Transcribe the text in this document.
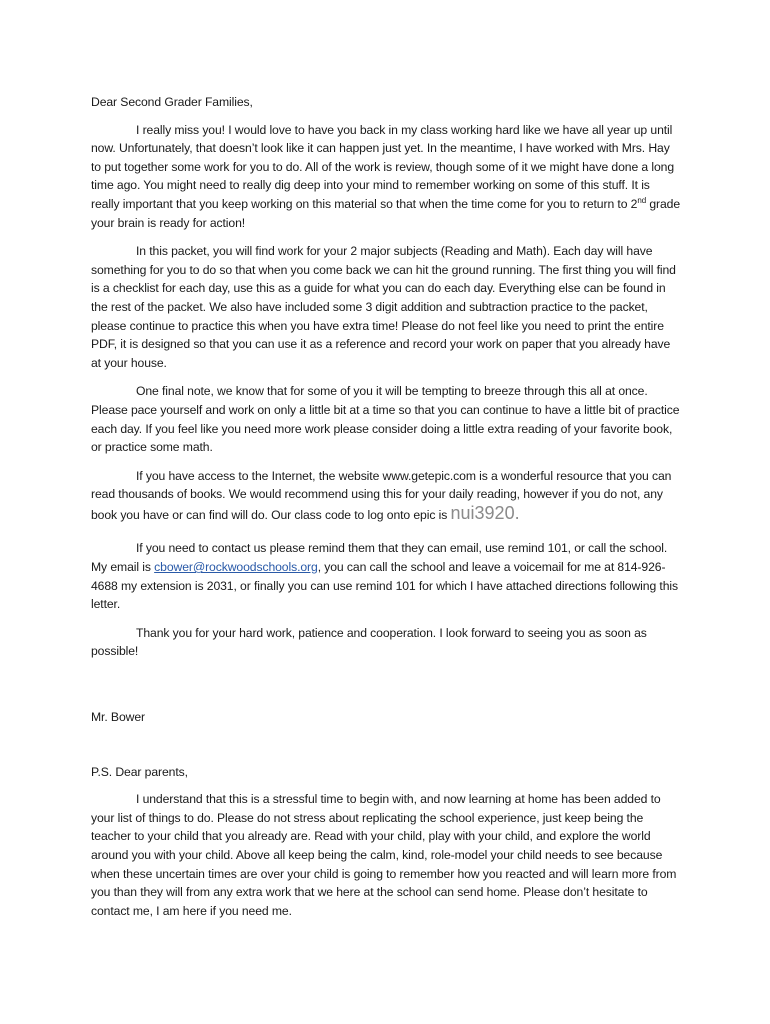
Dear Second Grader Families,

I really miss you! I would love to have you back in my class working hard like we have all year up until now. Unfortunately, that doesn’t look like it can happen just yet. In the meantime, I have worked with Mrs. Hay to put together some work for you to do. All of the work is review, though some of it we might have done a long time ago. You might need to really dig deep into your mind to remember working on some of this stuff. It is really important that you keep working on this material so that when the time come for you to return to 2nd grade your brain is ready for action!

In this packet, you will find work for your 2 major subjects (Reading and Math). Each day will have something for you to do so that when you come back we can hit the ground running. The first thing you will find is a checklist for each day, use this as a guide for what you can do each day. Everything else can be found in the rest of the packet. We also have included some 3 digit addition and subtraction practice to the packet, please continue to practice this when you have extra time! Please do not feel like you need to print the entire PDF, it is designed so that you can use it as a reference and record your work on paper that you already have at your house.

One final note, we know that for some of you it will be tempting to breeze through this all at once. Please pace yourself and work on only a little bit at a time so that you can continue to have a little bit of practice each day. If you feel like you need more work please consider doing a little extra reading of your favorite book, or practice some math.

If you have access to the Internet, the website www.getepic.com is a wonderful resource that you can read thousands of books. We would recommend using this for your daily reading, however if you do not, any book you have or can find will do. Our class code to log onto epic is nui3920.

If you need to contact us please remind them that they can email, use remind 101, or call the school. My email is cbower@rockwoodschools.org, you can call the school and leave a voicemail for me at 814-926-4688 my extension is 2031, or finally you can use remind 101 for which I have attached directions following this letter.

Thank you for your hard work, patience and cooperation. I look forward to seeing you as soon as possible!

Mr. Bower

P.S. Dear parents,

I understand that this is a stressful time to begin with, and now learning at home has been added to your list of things to do. Please do not stress about replicating the school experience, just keep being the teacher to your child that you already are. Read with your child, play with your child, and explore the world around you with your child. Above all keep being the calm, kind, role-model your child needs to see because when these uncertain times are over your child is going to remember how you reacted and will learn more from you than they will from any extra work that we here at the school can send home. Please don’t hesitate to contact me, I am here if you need me.
